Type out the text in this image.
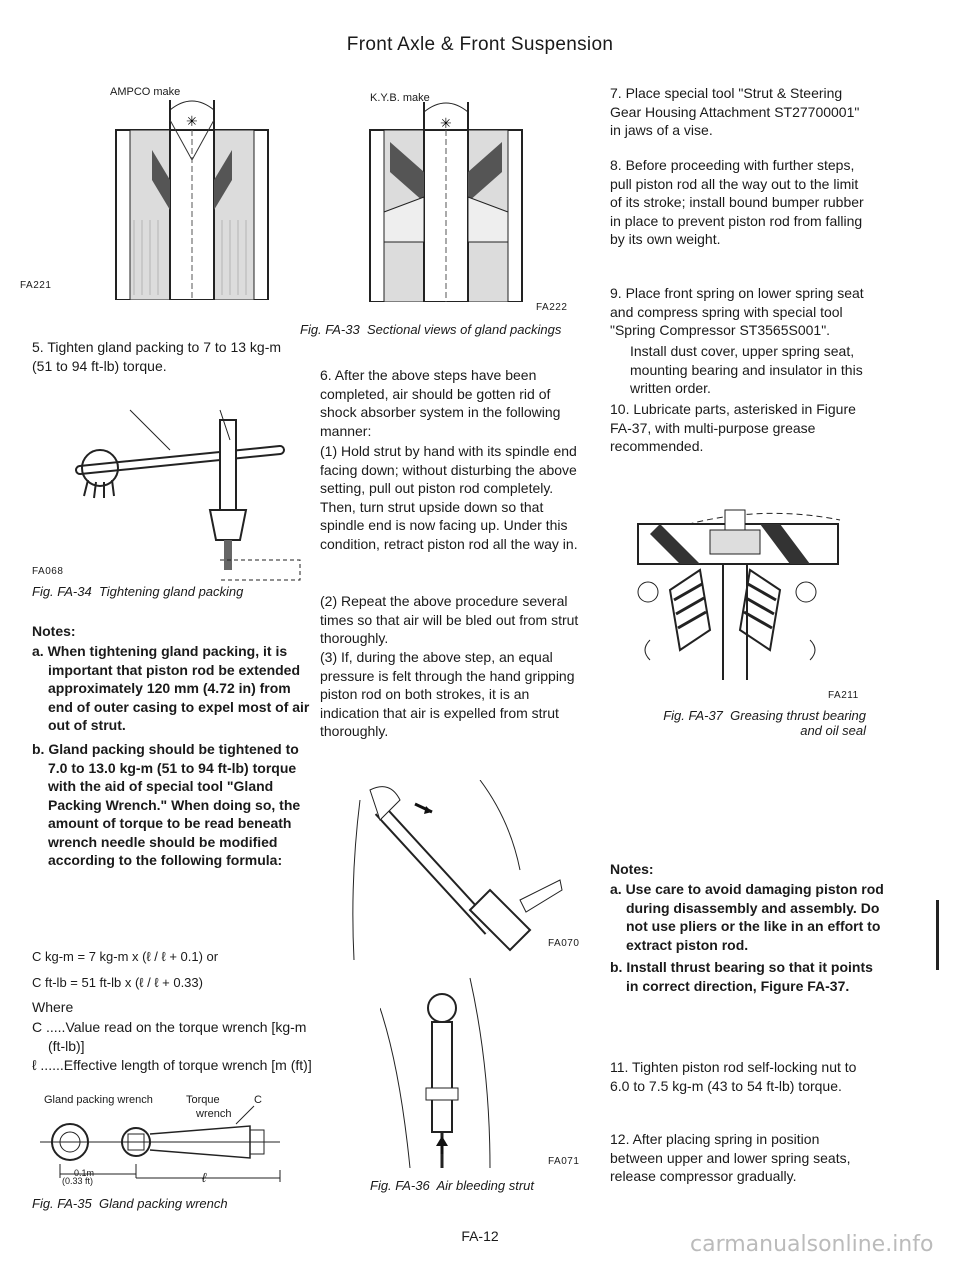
Front Axle & Front Suspension
AMPCO make
✳
FA221
K.Y.B. make
✳
FA222
Fig. FA-33 Sectional views of gland packings
5. Tighten gland packing to 7 to 13 kg-m (51 to 94 ft-lb) torque.
FA068
Fig. FA-34 Tightening gland packing
Notes:
a. When tightening gland packing, it is important that piston rod be extended approximately 120 mm (4.72 in) from end of outer casing to expel most of air out of strut.
b. Gland packing should be tightened to 7.0 to 13.0 kg-m (51 to 94 ft-lb) torque with the aid of special tool "Gland Packing Wrench." When doing so, the amount of torque to be read beneath wrench needle should be modified according to the following formula:
C kg-m = 7 kg-m x (ℓ / ℓ + 0.1) or
C ft-lb = 51 ft-lb x (ℓ / ℓ + 0.33)
Where
C .....Value read on the torque wrench [kg-m (ft-lb)]
ℓ ......Effective length of torque wrench [m (ft)]
Gland packing wrench	Torque	C
wrench
0.1m
(0.33 ft)	ℓ
Fig. FA-35 Gland packing wrench
6. After the above steps have been completed, air should be gotten rid of shock absorber system in the following manner:
(1) Hold strut by hand with its spindle end facing down; without disturbing the above setting, pull out piston rod completely. Then, turn strut upside down so that spindle end is now facing up. Under this condition, retract piston rod all the way in.
(2) Repeat the above procedure several times so that air will be bled out from strut thoroughly.
(3) If, during the above step, an equal pressure is felt through the hand gripping piston rod on both strokes, it is an indication that air is expelled from strut thoroughly.
FA070
FA071
Fig. FA-36 Air bleeding strut
7. Place special tool "Strut & Steering Gear Housing Attachment ST27700001" in jaws of a vise.
8. Before proceeding with further steps, pull piston rod all the way out to the limit of its stroke; install bound bumper rubber in place to prevent piston rod from falling by its own weight.
9. Place front spring on lower spring seat and compress spring with special tool "Spring Compressor ST3565S001".
Install dust cover, upper spring seat, mounting bearing and insulator in this written order.
10. Lubricate parts, asterisked in Figure FA-37, with multi-purpose grease recommended.
FA211
Fig. FA-37 Greasing thrust bearing
and oil seal
Notes:
a. Use care to avoid damaging piston rod during disassembly and assembly. Do not use pliers or the like in an effort to extract piston rod.
b. Install thrust bearing so that it points in correct direction, Figure FA-37.
11. Tighten piston rod self-locking nut to 6.0 to 7.5 kg-m (43 to 54 ft-lb) torque.
12. After placing spring in position between upper and lower spring seats, release compressor gradually.
FA-12	carmanualsonline.info
